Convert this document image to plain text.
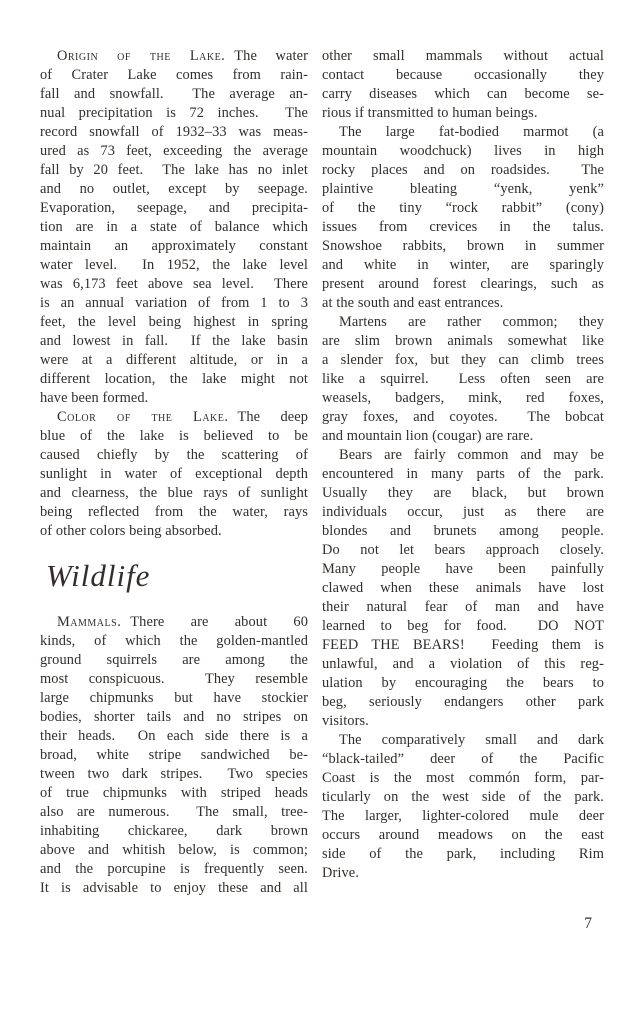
Origin of the Lake. The water
of Crater Lake comes from rain-
fall and snowfall.  The average an-
nual precipitation is 72 inches.  The
record snowfall of 1932–33 was meas-
ured as 73 feet, exceeding the average
fall by 20 feet.  The lake has no inlet
and no outlet, except by seepage.
Evaporation, seepage, and precipita-
tion are in a state of balance which
maintain an approximately constant
water level.  In 1952, the lake level
was 6,173 feet above sea level.  There
is an annual variation of from 1 to 3
feet, the level being highest in spring
and lowest in fall.  If the lake basin
were at a different altitude, or in a
different location, the lake might not
have been formed.
Color of the Lake. The deep
blue of the lake is believed to be
caused chiefly by the scattering of
sunlight in water of exceptional depth
and clearness, the blue rays of sunlight
being reflected from the water, rays
of other colors being absorbed.
Wildlife
Mammals. There are about 60
kinds, of which the golden-mantled
ground squirrels are among the
most conspicuous.  They resemble
large chipmunks but have stockier
bodies, shorter tails and no stripes on
their heads.  On each side there is a
broad, white stripe sandwiched be-
tween two dark stripes.  Two species
of true chipmunks with striped heads
also are numerous.  The small, tree-
inhabiting chickaree, dark brown
above and whitish below, is common;
and the porcupine is frequently seen.
It is advisable to enjoy these and all
other small mammals without actual
contact because occasionally they
carry diseases which can become se-
rious if transmitted to human beings.
The large fat-bodied marmot (a
mountain woodchuck) lives in high
rocky places and on roadsides.  The
plaintive bleating “yenk, yenk”
of the tiny “rock rabbit” (cony)
issues from crevices in the talus.
Snowshoe rabbits, brown in summer
and white in winter, are sparingly
present around forest clearings, such as
at the south and east entrances.
Martens are rather common; they
are slim brown animals somewhat like
a slender fox, but they can climb trees
like a squirrel.  Less often seen are
weasels, badgers, mink, red foxes,
gray foxes, and coyotes.  The bobcat
and mountain lion (cougar) are rare.
Bears are fairly common and may be
encountered in many parts of the park.
Usually they are black, but brown
individuals occur, just as there are
blondes and brunets among people.
Do not let bears approach closely.
Many people have been painfully
clawed when these animals have lost
their natural fear of man and have
learned to beg for food.  DO NOT
FEED THE BEARS!  Feeding them is
unlawful, and a violation of this reg-
ulation by encouraging the bears to
beg, seriously endangers other park
visitors.
The comparatively small and dark
“black-tailed” deer of the Pacific
Coast is the most commón form, par-
ticularly on the west side of the park.
The larger, lighter-colored mule deer
occurs around meadows on the east
side of the park, including Rim
Drive.
7
